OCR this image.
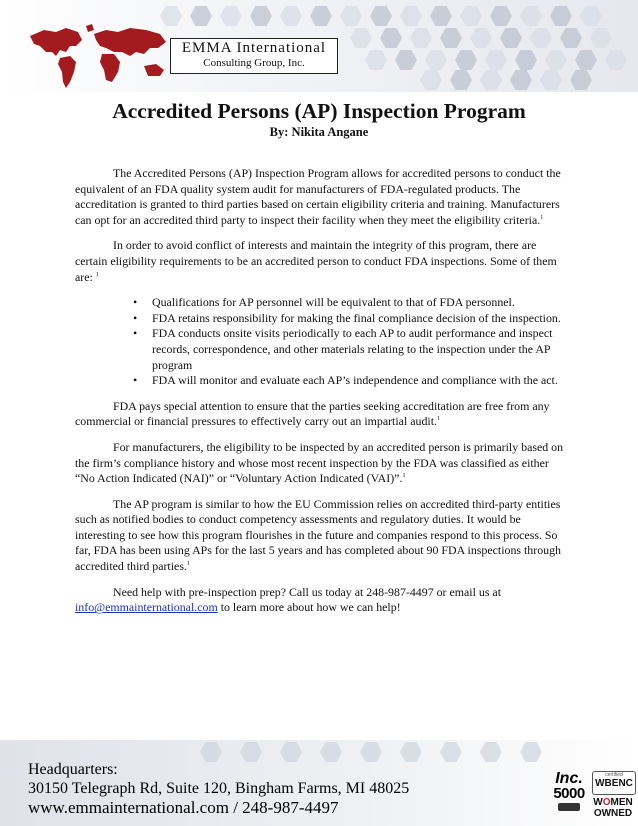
EMMA International
Consulting Group, Inc.
Accredited Persons (AP) Inspection Program
By: Nikita Angane

The Accredited Persons (AP) Inspection Program allows for accredited persons to conduct the equivalent of an FDA quality system audit for manufacturers of FDA-regulated products. The accreditation is granted to third parties based on certain eligibility criteria and training. Manufacturers can opt for an accredited third party to inspect their facility when they meet the eligibility criteria.$^1$

In order to avoid conflict of interests and maintain the integrity of this program, there are certain eligibility requirements to be an accredited person to conduct FDA inspections. Some of them are: $^1$

• Qualifications for AP personnel will be equivalent to that of FDA personnel.
• FDA retains responsibility for making the final compliance decision of the inspection.
• FDA conducts onsite visits periodically to each AP to audit performance and inspect records, correspondence, and other materials relating to the inspection under the AP program
• FDA will monitor and evaluate each AP’s independence and compliance with the act.

FDA pays special attention to ensure that the parties seeking accreditation are free from any commercial or financial pressures to effectively carry out an impartial audit.$^1$

For manufacturers, the eligibility to be inspected by an accredited person is primarily based on the firm’s compliance history and whose most recent inspection by the FDA was classified as either “No Action Indicated (NAI)” or “Voluntary Action Indicated (VAI)”.$^1$

The AP program is similar to how the EU Commission relies on accredited third-party entities such as notified bodies to conduct competency assessments and regulatory duties. It would be interesting to see how this program flourishes in the future and companies respond to this process. So far, FDA has been using APs for the last 5 years and has completed about 90 FDA inspections through accredited third parties.$^1$

Need help with pre-inspection prep? Call us today at 248-987-4497 or email us at info@emmainternational.com to learn more about how we can help!

Headquarters:
30150 Telegraph Rd, Suite 120, Bingham Farms, MI 48025
www.emmainternational.com / 248-987-4497
Inc.
5000
certified
WBENC
WOMEN
OWNED
